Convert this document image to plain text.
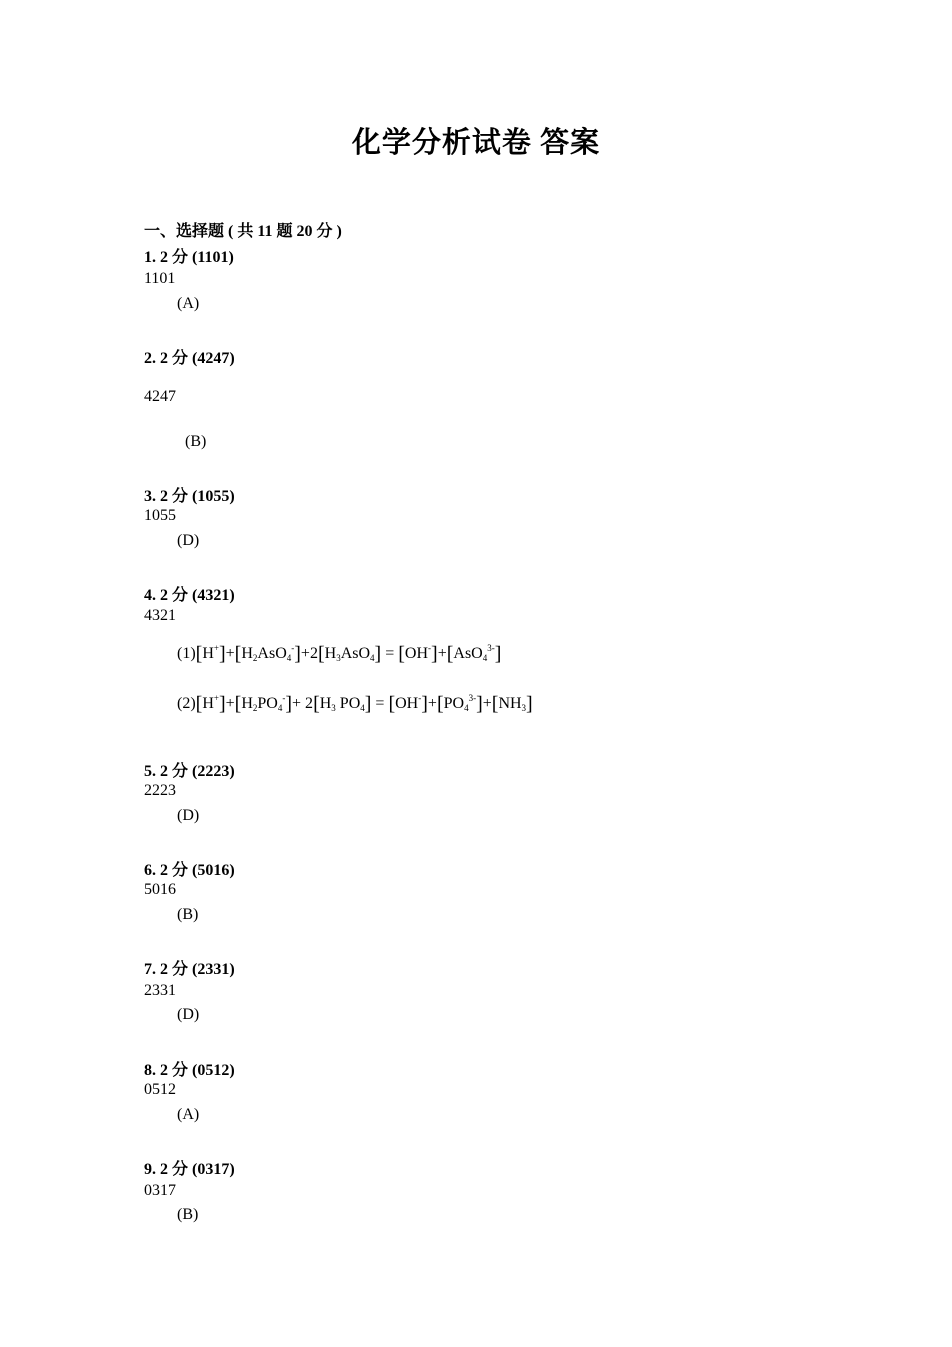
化学分析试卷 答案
一、选择题 ( 共 11 题 20 分 )
1. 2 分 (1101)
1101
(A)
2. 2 分 (4247)
4247
(B)
3. 2 分 (1055)
1055
(D)
4. 2 分 (4321)
4321
$(1)[H^+]+[H_2AsO_4^-]+2[H_3AsO_4] = [OH^-]+[AsO_4^{3-}]$
$(2)[H^+]+[H_2PO_4^-]+ 2[H_3$ $PO_4] = [OH^-]+[PO_4^{3-}]+[NH_3]$
5. 2 分 (2223)
2223
(D)
6. 2 分 (5016)
5016
(B)
7. 2 分 (2331)
2331
(D)
8. 2 分 (0512)
0512
(A)
9. 2 分 (0317)
0317
(B)
